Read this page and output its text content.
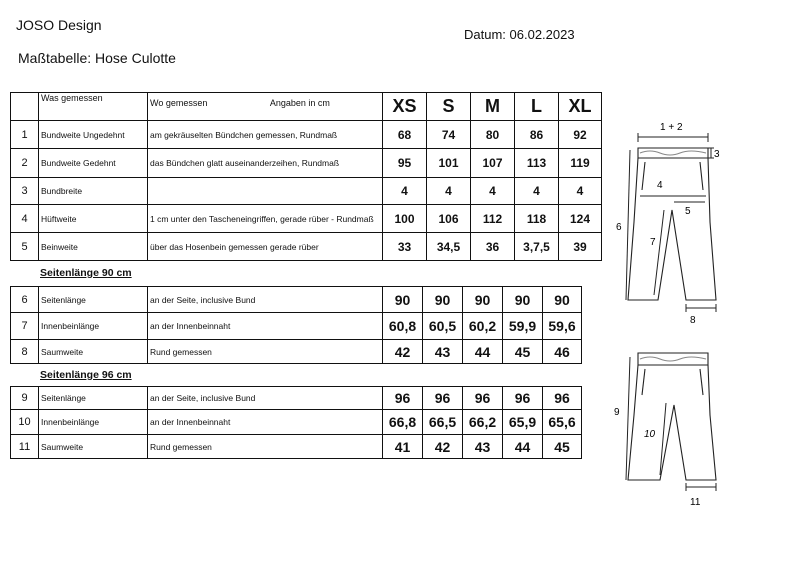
JOSO Design
Datum: 06.02.2023
Maßtabelle: Hose Culotte
	Was gemessen	Wo gemessen Angaben in cm	XS	S	M	L	XL
1	Bundweite Ungedehnt	am gekräuselten Bündchen gemessen, Rundmaß	68	74	80	86	92
2	Bundweite Gedehnt	das Bündchen glatt auseinanderzeihen, Rundmaß	95	101	107	113	119
3	Bundbreite		4	4	4	4	4
4	Hüftweite	1 cm unter den Tascheneingriffen, gerade rüber - Rundmaß	100	106	112	118	124
5	Beinweite	über das Hosenbein gemessen gerade rüber	33	34,5	36	3,7,5	39
Seitenlänge 90 cm
6	Seitenlänge	an der Seite, inclusive Bund	90	90	90	90	90
7	Innenbeinlänge	an der Innenbeinnaht	60,8	60,5	60,2	59,9	59,6
8	Saumweite	Rund gemessen	42	43	44	45	46
Seitenlänge 96 cm
9	Seitenlänge	an der Seite, inclusive Bund	96	96	96	96	96
10	Innenbeinlänge	an der Innenbeinnaht	66,8	66,5	66,2	65,9	65,6
11	Saumweite	Rund gemessen	41	42	43	44	45
1 + 2
3
4
5
6
7
8
9
10
11
